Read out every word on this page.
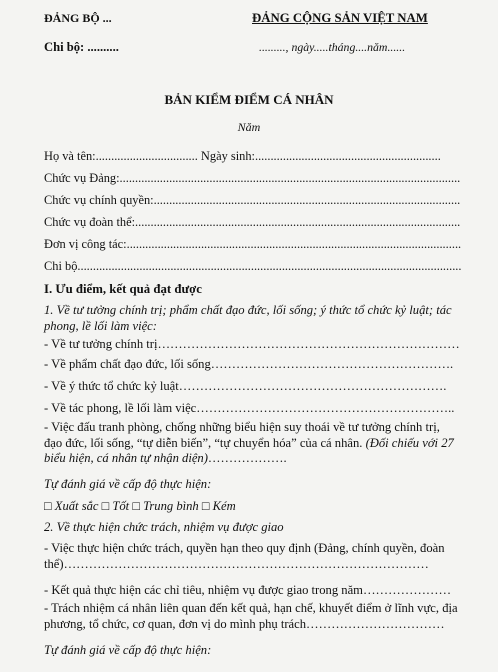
ĐẢNG BỘ ...	ĐẢNG CỘNG SẢN VIỆT NAM
Chi bộ: ..........	........., ngày.....tháng....năm......
BẢN KIỂM ĐIỂM CÁ NHÂN
Năm
Họ và tên:................................. Ngày sinh:............................................................
Chức vụ Đảng:..............................................................................................................
Chức vụ chính quyền:...................................................................................................
Chức vụ đoàn thể:.........................................................................................................
Đơn vị công tác:............................................................................................................
Chi bộ............................................................................................................................
I. Ưu điểm, kết quả đạt được
1. Về tư tưởng chính trị; phẩm chất đạo đức, lối sống; ý thức tổ chức kỷ luật; tác phong, lề lối làm việc:
- Về tư tưởng chính trị………………………………………………………………
- Về phẩm chất đạo đức, lối sống………………………………………………….
- Về ý thức tổ chức kỷ luật……………………………………………………….
- Về tác phong, lề lối làm việc……………………………………………………..
- Việc đấu tranh phòng, chống những biểu hiện suy thoái về tư tưởng chính trị, đạo đức, lối sống, “tự diễn biến”, “tự chuyển hóa” của cá nhân. (Đối chiếu với 27 biểu hiện, cá nhân tự nhận diện)……………….
Tự đánh giá về cấp độ thực hiện:
□ Xuất sắc □ Tốt □ Trung bình □ Kém
2. Về thực hiện chức trách, nhiệm vụ được giao
- Việc thực hiện chức trách, quyền hạn theo quy định (Đảng, chính quyền, đoàn thể)……………………………………………………………………………
- Kết quả thực hiện các chỉ tiêu, nhiệm vụ được giao trong năm…………………
- Trách nhiệm cá nhân liên quan đến kết quả, hạn chế, khuyết điểm ở lĩnh vực, địa phương, tổ chức, cơ quan, đơn vị do mình phụ trách……………………………
Tự đánh giá về cấp độ thực hiện:
